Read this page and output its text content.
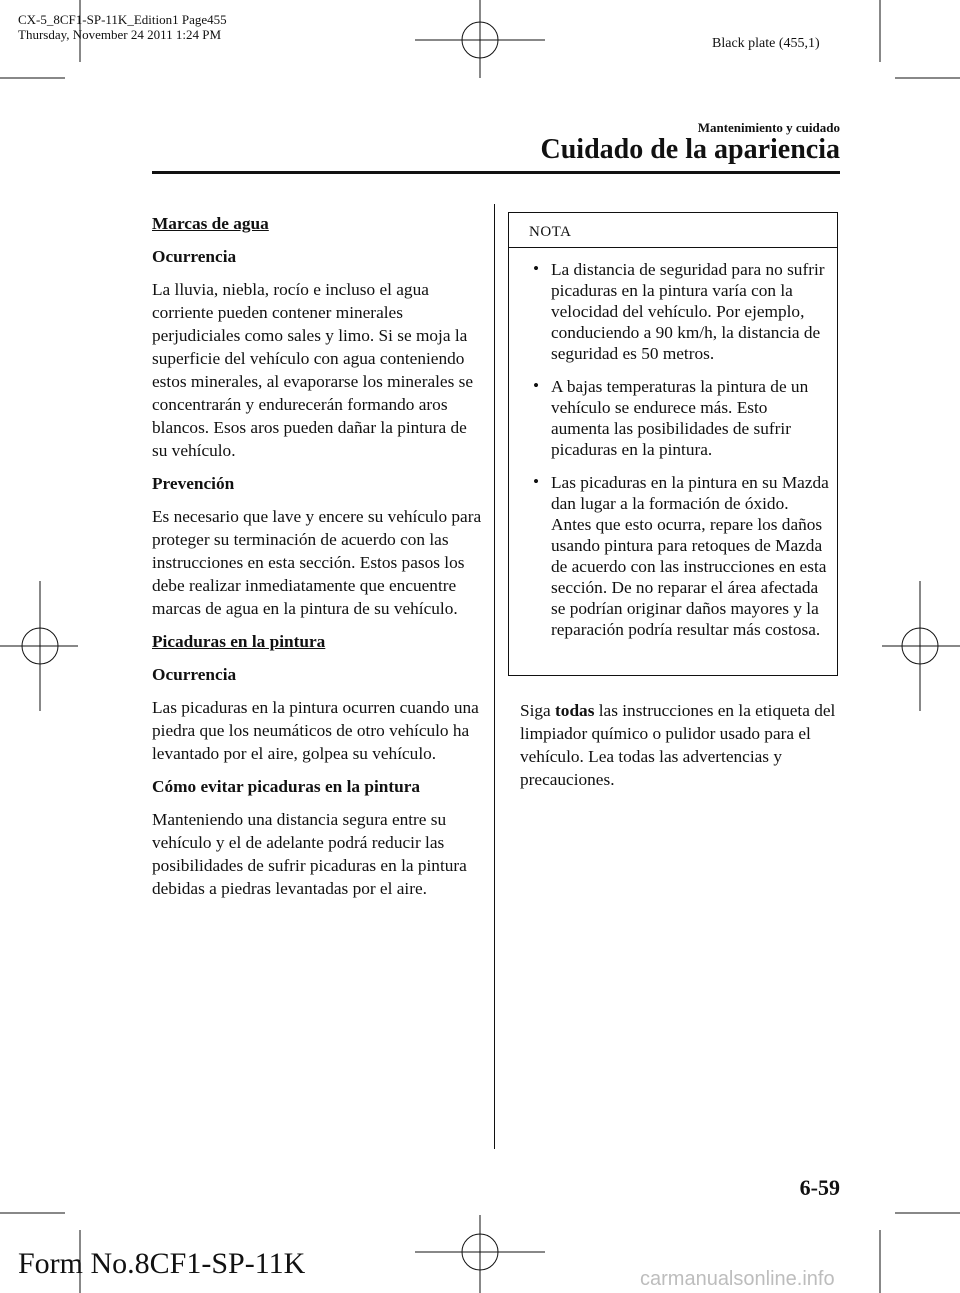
CX-5_8CF1-SP-11K_Edition1 Page455
Thursday, November 24 2011 1:24 PM
Black plate (455,1)
Mantenimiento y cuidado
Cuidado de la apariencia
Marcas de agua
Ocurrencia

La lluvia, niebla, rocío e incluso el agua corriente pueden contener minerales perjudiciales como sales y limo. Si se moja la superficie del vehículo con agua conteniendo estos minerales, al evaporarse los minerales se concentrarán y endurecerán formando aros blancos. Esos aros pueden dañar la pintura de su vehículo.

Prevención

Es necesario que lave y encere su vehículo para proteger su terminación de acuerdo con las instrucciones en esta sección. Estos pasos los debe realizar inmediatamente que encuentre marcas de agua en la pintura de su vehículo.

Picaduras en la pintura
Ocurrencia

Las picaduras en la pintura ocurren cuando una piedra que los neumáticos de otro vehículo ha levantado por el aire, golpea su vehículo.

Cómo evitar picaduras en la pintura

Manteniendo una distancia segura entre su vehículo y el de adelante podrá reducir las posibilidades de sufrir picaduras en la pintura debidas a piedras levantadas por el aire.

NOTA
• La distancia de seguridad para no sufrir picaduras en la pintura varía con la velocidad del vehículo. Por ejemplo, conduciendo a 90 km/h, la distancia de seguridad es 50 metros.
• A bajas temperaturas la pintura de un vehículo se endurece más. Esto aumenta las posibilidades de sufrir picaduras en la pintura.
• Las picaduras en la pintura en su Mazda dan lugar a la formación de óxido. Antes que esto ocurra, repare los daños usando pintura para retoques de Mazda de acuerdo con las instrucciones en esta sección. De no reparar el área afectada se podrían originar daños mayores y la reparación podría resultar más costosa.

Siga todas las instrucciones en la etiqueta del limpiador químico o pulidor usado para el vehículo. Lea todas las advertencias y precauciones.

6-59
Form No.8CF1-SP-11K	carmanualsonline.info
